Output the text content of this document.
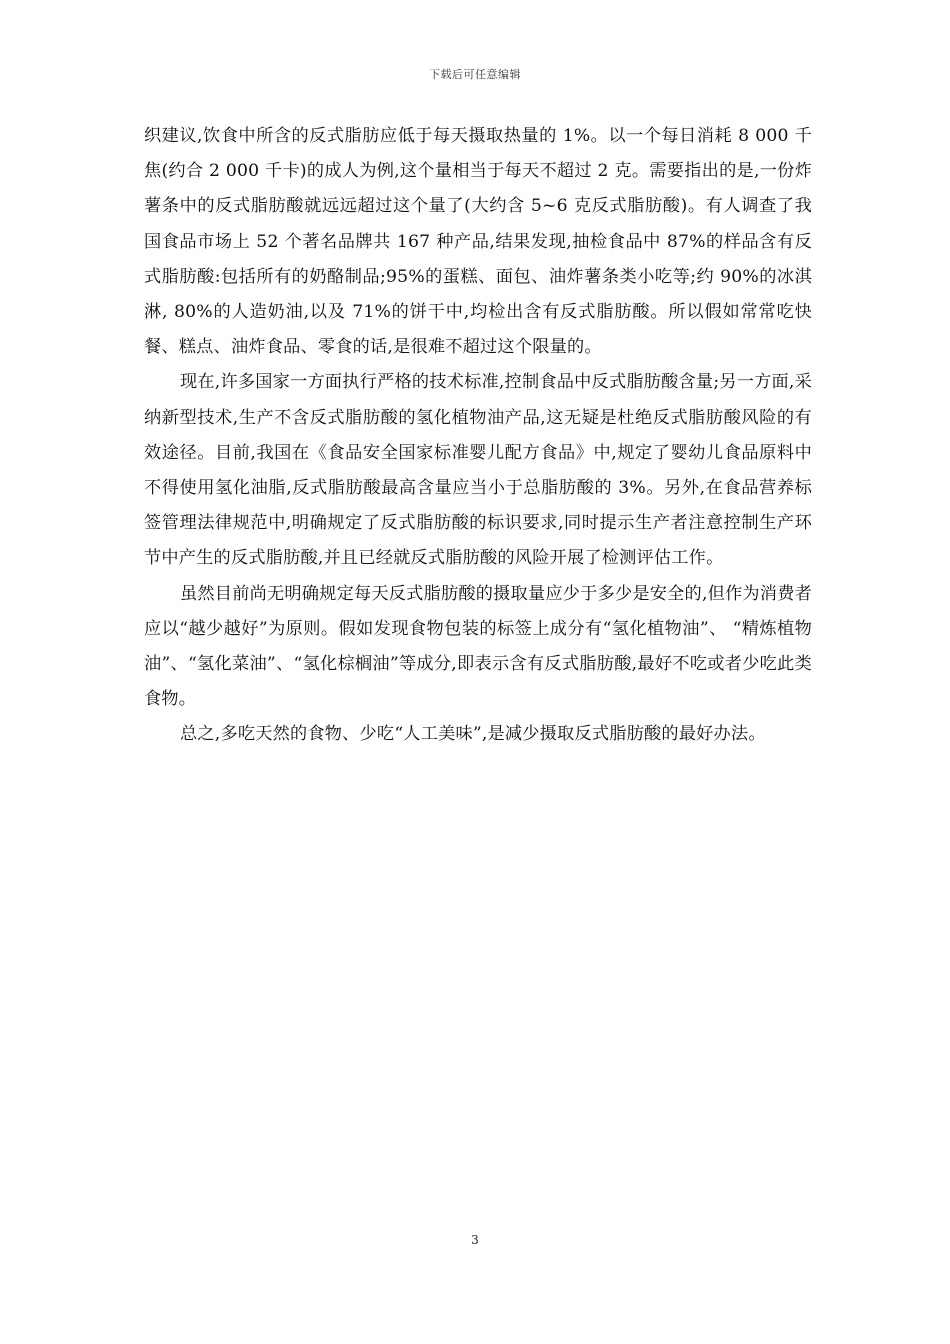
下载后可任意编辑

织建议,饮食中所含的反式脂肪应低于每天摄取热量的 1%。以一个每日消耗 8 000 千焦(约合 2 000 千卡)的成人为例,这个量相当于每天不超过 2 克。需要指出的是,一份炸薯条中的反式脂肪酸就远远超过这个量了(大约含 5~6 克反式脂肪酸)。有人调查了我国食品市场上 52 个著名品牌共 167 种产品,结果发现,抽检食品中 87%的样品含有反式脂肪酸:包括所有的奶酪制品;95%的蛋糕、面包、油炸薯条类小吃等;约 90%的冰淇淋, 80%的人造奶油,以及 71%的饼干中,均检出含有反式脂肪酸。所以假如常常吃快餐、糕点、油炸食品、零食的话,是很难不超过这个限量的。

现在,许多国家一方面执行严格的技术标准,控制食品中反式脂肪酸含量;另一方面,采纳新型技术,生产不含反式脂肪酸的氢化植物油产品,这无疑是杜绝反式脂肪酸风险的有效途径。目前,我国在《食品安全国家标准婴儿配方食品》中,规定了婴幼儿食品原料中不得使用氢化油脂,反式脂肪酸最高含量应当小于总脂肪酸的 3%。另外,在食品营养标签管理法律规范中,明确规定了反式脂肪酸的标识要求,同时提示生产者注意控制生产环节中产生的反式脂肪酸,并且已经就反式脂肪酸的风险开展了检测评估工作。

虽然目前尚无明确规定每天反式脂肪酸的摄取量应少于多少是安全的,但作为消费者应以“越少越好”为原则。假如发现食物包装的标签上成分有“氢化植物油”、 “精炼植物油”、“氢化菜油”、“氢化棕榈油”等成分,即表示含有反式脂肪酸,最好不吃或者少吃此类食物。

总之,多吃天然的食物、少吃“人工美味”,是减少摄取反式脂肪酸的最好办法。

3
